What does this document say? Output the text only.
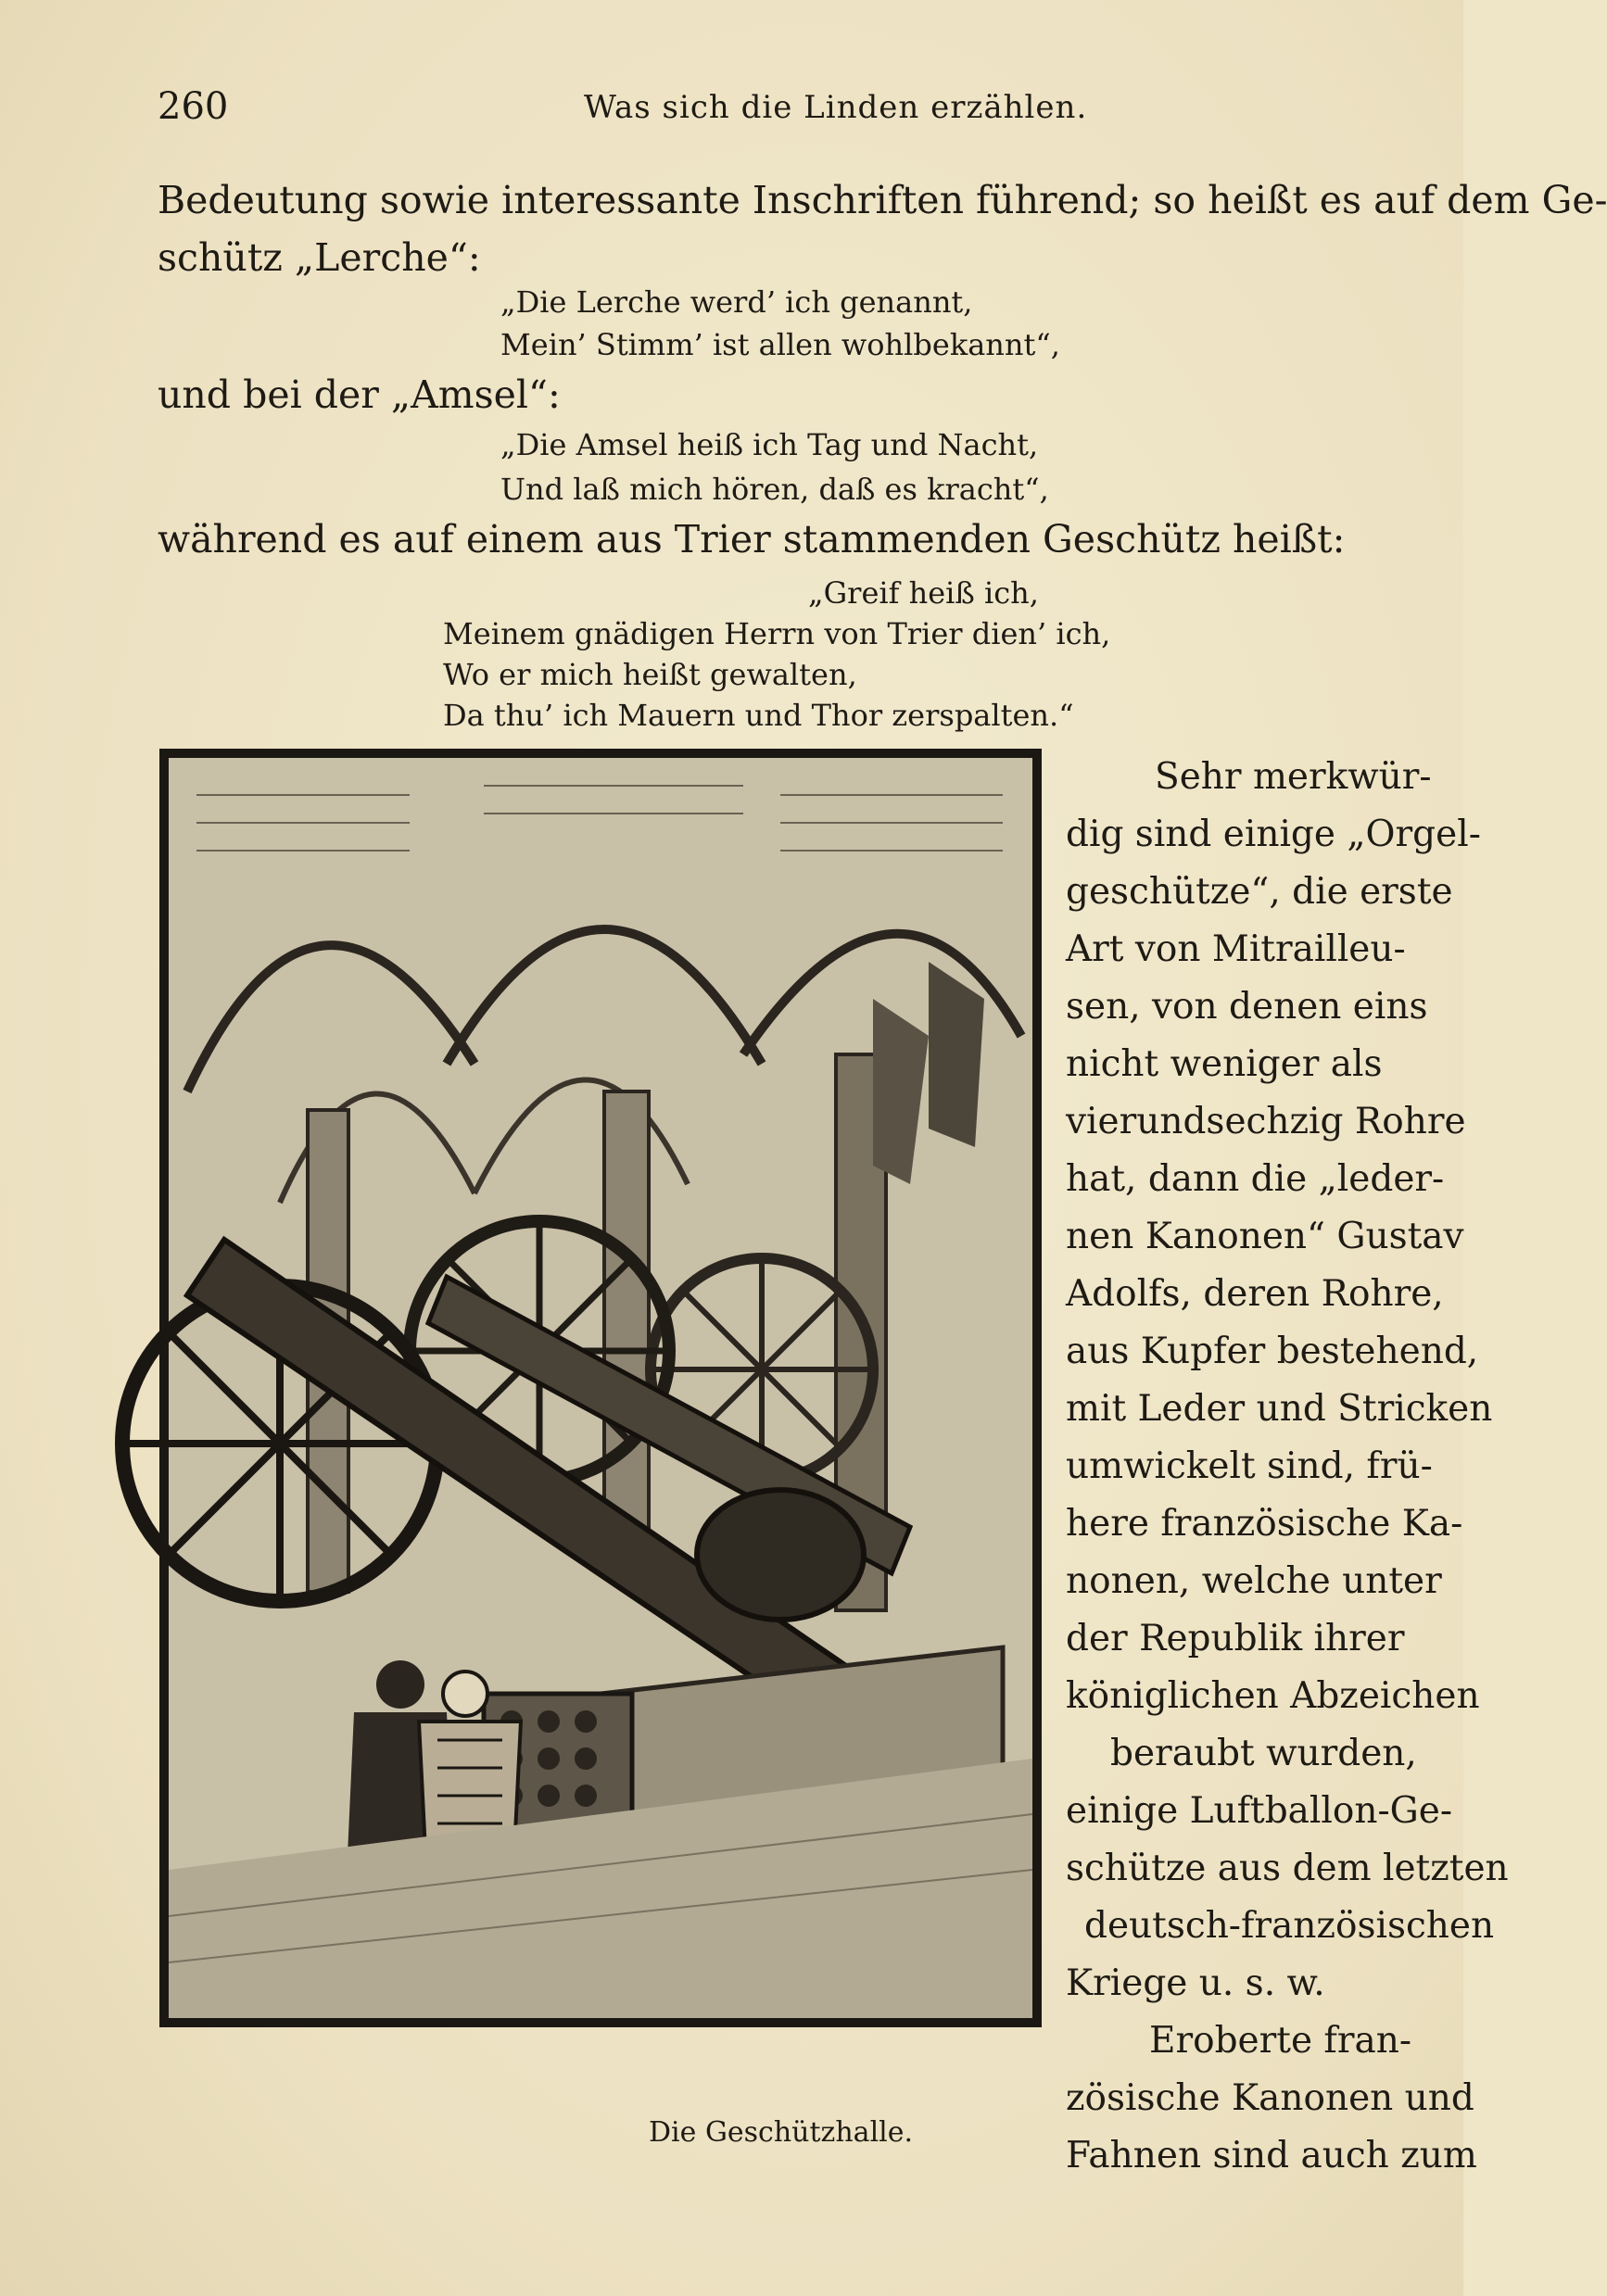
260	Was sich die Linden erzählen.
Bedeutung sowie interessante Inschriften führend; so heißt es auf dem Ge-
schütz „Lerche“:
„Die Lerche werd’ ich genannt,
Mein’ Stimm’ ist allen wohlbekannt“,
und bei der „Amsel“:
„Die Amsel heiß ich Tag und Nacht,
Und laß mich hören, daß es kracht“,
während es auf einem aus Trier stammenden Geschütz heißt:
„Greif heiß ich,
Meinem gnädigen Herrn von Trier dien’ ich,
Wo er mich heißt gewalten,
Da thu’ ich Mauern und Thor zerspalten.“
Die Geschützhalle.
Sehr merkwür-
dig sind einige „Orgel-
geschütze“, die erste
Art von Mitrailleu-
sen, von denen eins
nicht weniger als
vierundsechzig Rohre
hat, dann die „leder-
nen Kanonen“ Gustav
Adolfs, deren Rohre,
aus Kupfer bestehend,
mit Leder und Stricken
umwickelt sind, frü-
here französische Ka-
nonen, welche unter
der Republik ihrer
königlichen Abzeichen
beraubt wurden,
einige Luftballon-Ge-
schütze aus dem letzten
deutsch-französischen
Kriege u. s. w.
Eroberte fran-
zösische Kanonen und
Fahnen sind auch zum
